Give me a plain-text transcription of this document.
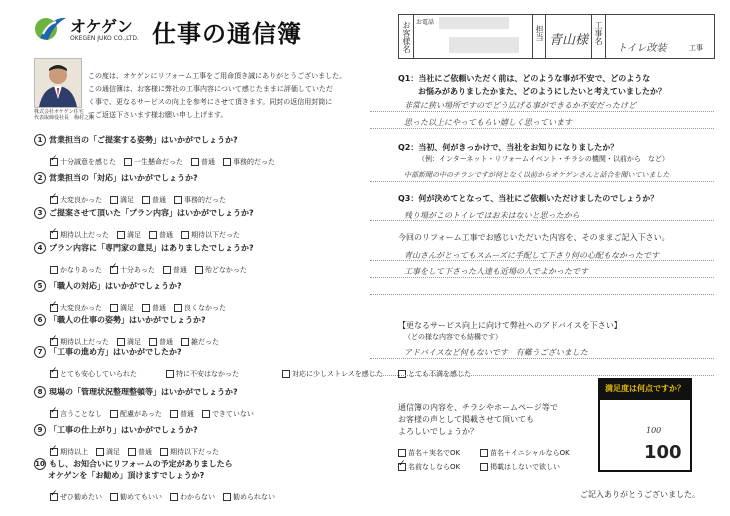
オケゲン
OKEGEN JUKO CO.,LTD. 仕事の通信簿
株式会社オケゲン住宅
代表取締役社長　梅村之剛
この度は、オケゲンにリフォーム工事をご用命頂き誠にありがとうございました。
この通信簿は、お客様に弊社の工事内容について感じたままに評価していただ
く事で、更なるサービスの向上を参考にさせて頂きます。同封の返信用封筒に
てご返送下さいます様お願い申し上げます。
1 営業担当の「ご提案する姿勢」はいかがでしょうか?
✓十分誠意を感じた	一生懸命だった	普通	事務的だった
2 営業担当の「対応」はいかがでしょうか?
✓大変良かった	満足	普通	事務的だった
3 ご提案させて頂いた「プラン内容」はいかがでしょうか?
✓期待以上だった	満足	普通	期待以下だった
4 プラン内容に「専門家の意見」はありましたでしょうか?
かなりあった✓	十分あった	普通	殆どなかった
5 「職人の対応」はいかがでしょうか?
✓大変良かった	満足	普通	良くなかった
6 「職人の仕事の姿勢」はいかがでしょうか?
✓期待以上だった	満足	普通	雑だった
7 「工事の進め方」はいかがでしたか?
✓とても安心していられた	特に不安はなかった	対応に少しストレスを感じた	とても不満を感じた
8 現場の「管理状況整理整頓等」はいかがでしょうか?
✓言うことなし	配慮があった	普通	できていない
9 「工事の仕上がり」はいかがでしょうか?
✓期待以上	満足	普通	期待以下だった
10 もし、お知合いにリフォームの予定がありましたら
オケゲンを「お勧め」頂けますでしょうか?
✓ぜひ勧めたい	勧めてもいい	わからない	勧められない
お客様名 お電話
担当 青山様 工事名
トイレ改装	工事
Q1：当社にご依頼いただく前は、どのような事が不安で、どのような
お悩みがありましたかまた、どのようにしたいと考えていましたか？
非常に狭い場所ですのでどう広げる事ができるか不安だったけど
思った以上にやってもらい嬉しく思っています
Q2：当初、何がきっかけで、当社をお知りになりましたか？
（例：インターネット・リフォームイベント・チラシの機関・以前から　など）
中部新聞の中のチラシですが何となく以前からオケゲンさんと話合を聞いていました
Q3：何が決めてとなって、当社にご依頼いただけましたのでしょうか？
残り場がこのトイレではお未はないと思ったから
今回のリフォーム工事でお感じいただいた内容を、そのままご記入下さい。
青山さんがとってもスムーズに手配して下さり何の心配もなかったです
工事をして下さった人達も近場の人でよかったです
【更なるサービス向上に向けて弊社へのアドバイスを下さい】
（どの様な内容でも結構です）
アドバイスなど何もないです　有難うございました
通信簿の内容を、チラシやホームページ等で
お客様の声として掲載させて頂いても
よろしいでしょうか？
苗名＋実名でOK	苗名＋イニシャルならOK
✓名前なしならOK	掲載はしないで欲しい
満足度は何点ですか？
100
100
ご記入ありがとうございました。
